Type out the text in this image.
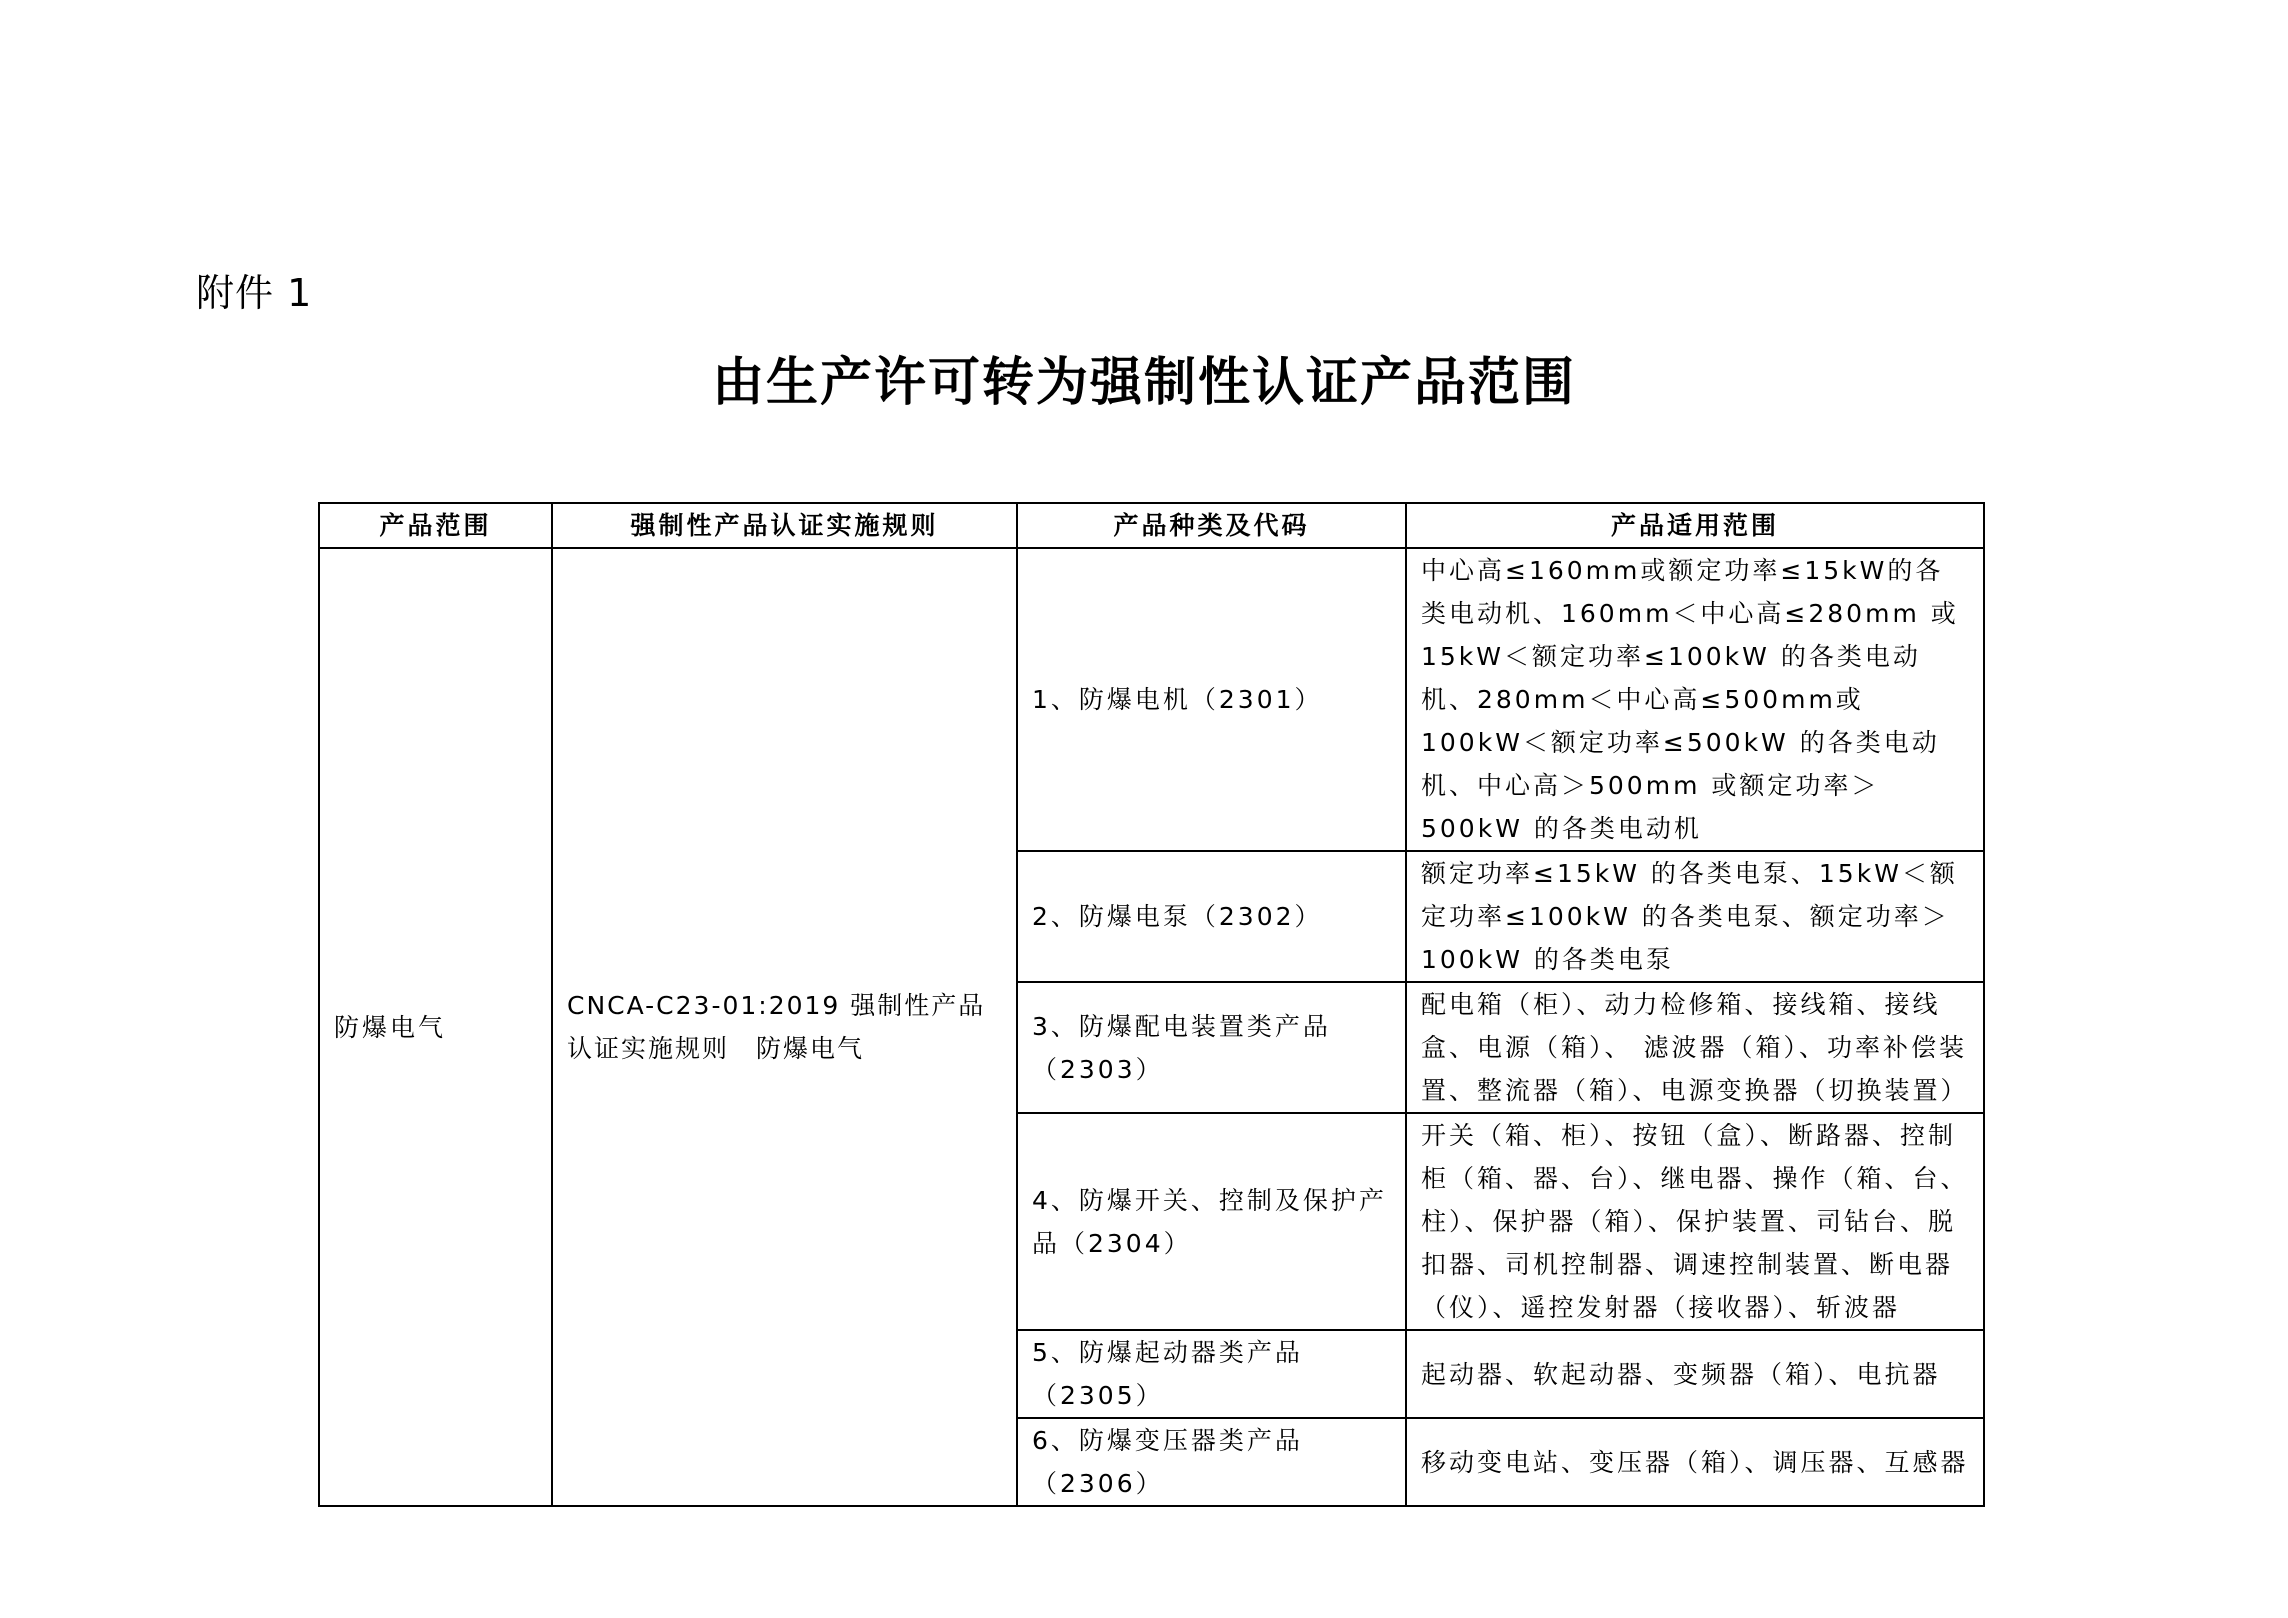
附件 1
由生产许可转为强制性认证产品范围
产品范围	强制性产品认证实施规则	产品种类及代码	产品适用范围
防爆电气	CNCA-C23-01:2019 强制性产品认证实施规则　防爆电气	1、防爆电机（2301）	中心高≤160mm或额定功率≤15kW的各类电动机、160mm＜中心高≤280mm 或 15kW＜额定功率≤100kW 的各类电动机、280mm＜中心高≤500mm或 100kW＜额定功率≤500kW 的各类电动机、中心高＞500mm 或额定功率＞500kW 的各类电动机
		2、防爆电泵（2302）	额定功率≤15kW 的各类电泵、15kW＜额定功率≤100kW 的各类电泵、额定功率＞100kW 的各类电泵
		3、防爆配电装置类产品（2303）	配电箱（柜）、动力检修箱、接线箱、接线盒、电源（箱）、 滤波器（箱）、功率补偿装置、整流器（箱）、电源变换器（切换装置）
		4、防爆开关、控制及保护产品（2304）	开关（箱、柜）、按钮（盒）、断路器、控制柜（箱、器、台）、继电器、操作（箱、台、柱）、保护器（箱）、保护装置、司钻台、脱扣器、司机控制器、调速控制装置、断电器（仪）、遥控发射器（接收器）、斩波器
		5、防爆起动器类产品（2305）	起动器、软起动器、变频器（箱）、电抗器
		6、防爆变压器类产品（2306）	移动变电站、变压器（箱）、调压器、互感器
